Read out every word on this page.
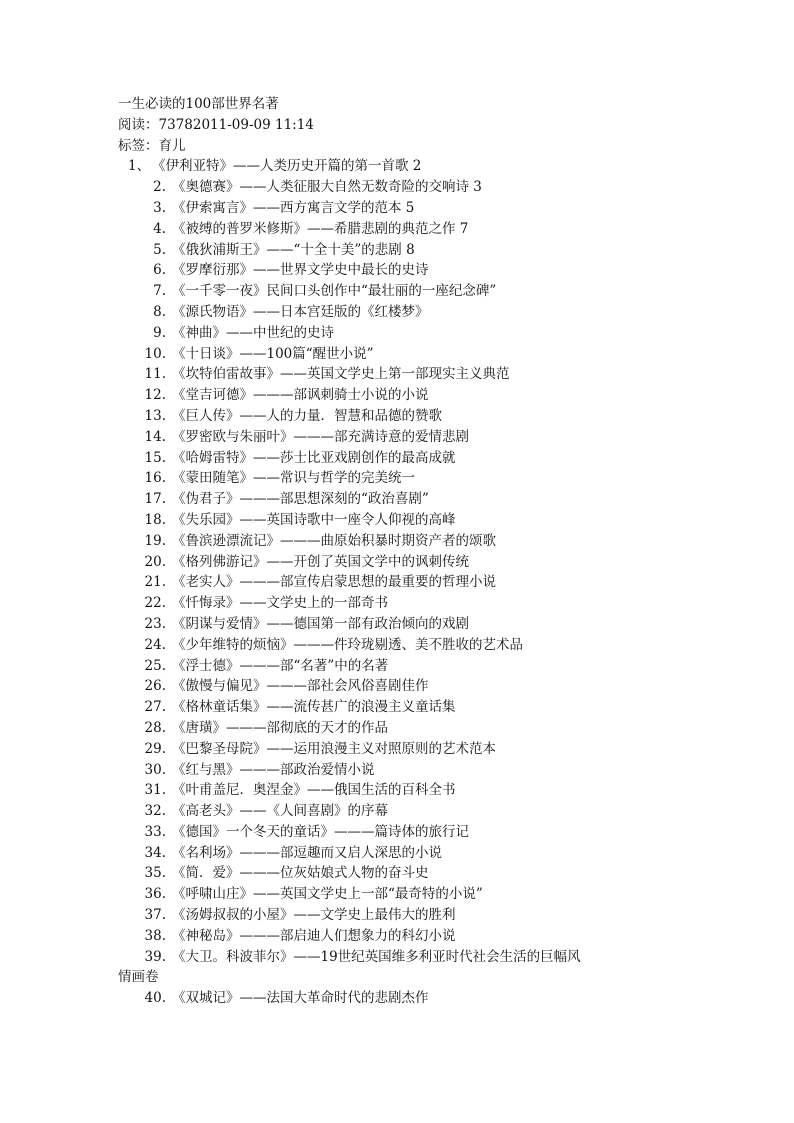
一生必读的100部世界名著
阅读：73782011-09-09 11:14
标签：育儿
1、 《伊利亚特》——人类历史开篇的第一首歌 2
2. 《奥德赛》——人类征服大自然无数奇险的交响诗 3
3. 《伊索寓言》——西方寓言文学的范本 5
4. 《被缚的普罗米修斯》——希腊悲剧的典范之作 7
5. 《俄狄浦斯王》——“十全十美”的悲剧 8
6. 《罗摩衍那》——世界文学史中最长的史诗
7. 《一千零一夜》民间口头创作中“最壮丽的一座纪念碑”
8. 《源氏物语》——日本宫廷版的《红楼梦》
9. 《神曲》——中世纪的史诗
10. 《十日谈》——100篇“醒世小说”
11. 《坎特伯雷故事》——英国文学史上第一部现实主义典范
12. 《堂吉诃德》———部讽刺骑士小说的小说
13. 《巨人传》——人的力量．智慧和品德的赞歌
14. 《罗密欧与朱丽叶》———部充满诗意的爱情悲剧
15. 《哈姆雷特》——莎士比亚戏剧创作的最高成就
16. 《蒙田随笔》——常识与哲学的完美统一
17. 《伪君子》———部思想深刻的“政治喜剧”
18. 《失乐园》——英国诗歌中一座令人仰视的高峰
19. 《鲁滨逊漂流记》———曲原始积暴时期资产者的颂歌
20. 《格列佛游记》——开创了英国文学中的讽刺传统
21. 《老实人》———部宣传启蒙思想的最重要的哲理小说
22. 《忏悔录》——文学史上的一部奇书
23. 《阴谋与爱情》——德国第一部有政治倾向的戏剧
24. 《少年维特的烦恼》———件玲珑剔透、美不胜收的艺术品
25. 《浮士德》———部“名著”中的名著
26. 《傲慢与偏见》———部社会风俗喜剧佳作
27. 《格林童话集》——流传甚广的浪漫主义童话集
28. 《唐璜》———部彻底的天才的作品
29. 《巴黎圣母院》——运用浪漫主义对照原则的艺术范本
30. 《红与黑》———部政治爱情小说
31. 《叶甫盖尼．奥涅金》——俄国生活的百科全书
32. 《高老头》——《人间喜剧》的序幕
33. 《德国》一个冬天的童话》———篇诗体的旅行记
34. 《名利场》———部逗趣而又启人深思的小说
35. 《简．爱》———位灰姑娘式人物的奋斗史
36. 《呼啸山庄》——英国文学史上一部“最奇特的小说”
37. 《汤姆叔叔的小屋》——文学史上最伟大的胜利
38. 《神秘岛》———部启迪人们想象力的科幻小说
39. 《大卫。科波菲尔》——19世纪英国维多利亚时代社会生活的巨幅风
情画卷
40. 《双城记》——法国大革命时代的悲剧杰作
